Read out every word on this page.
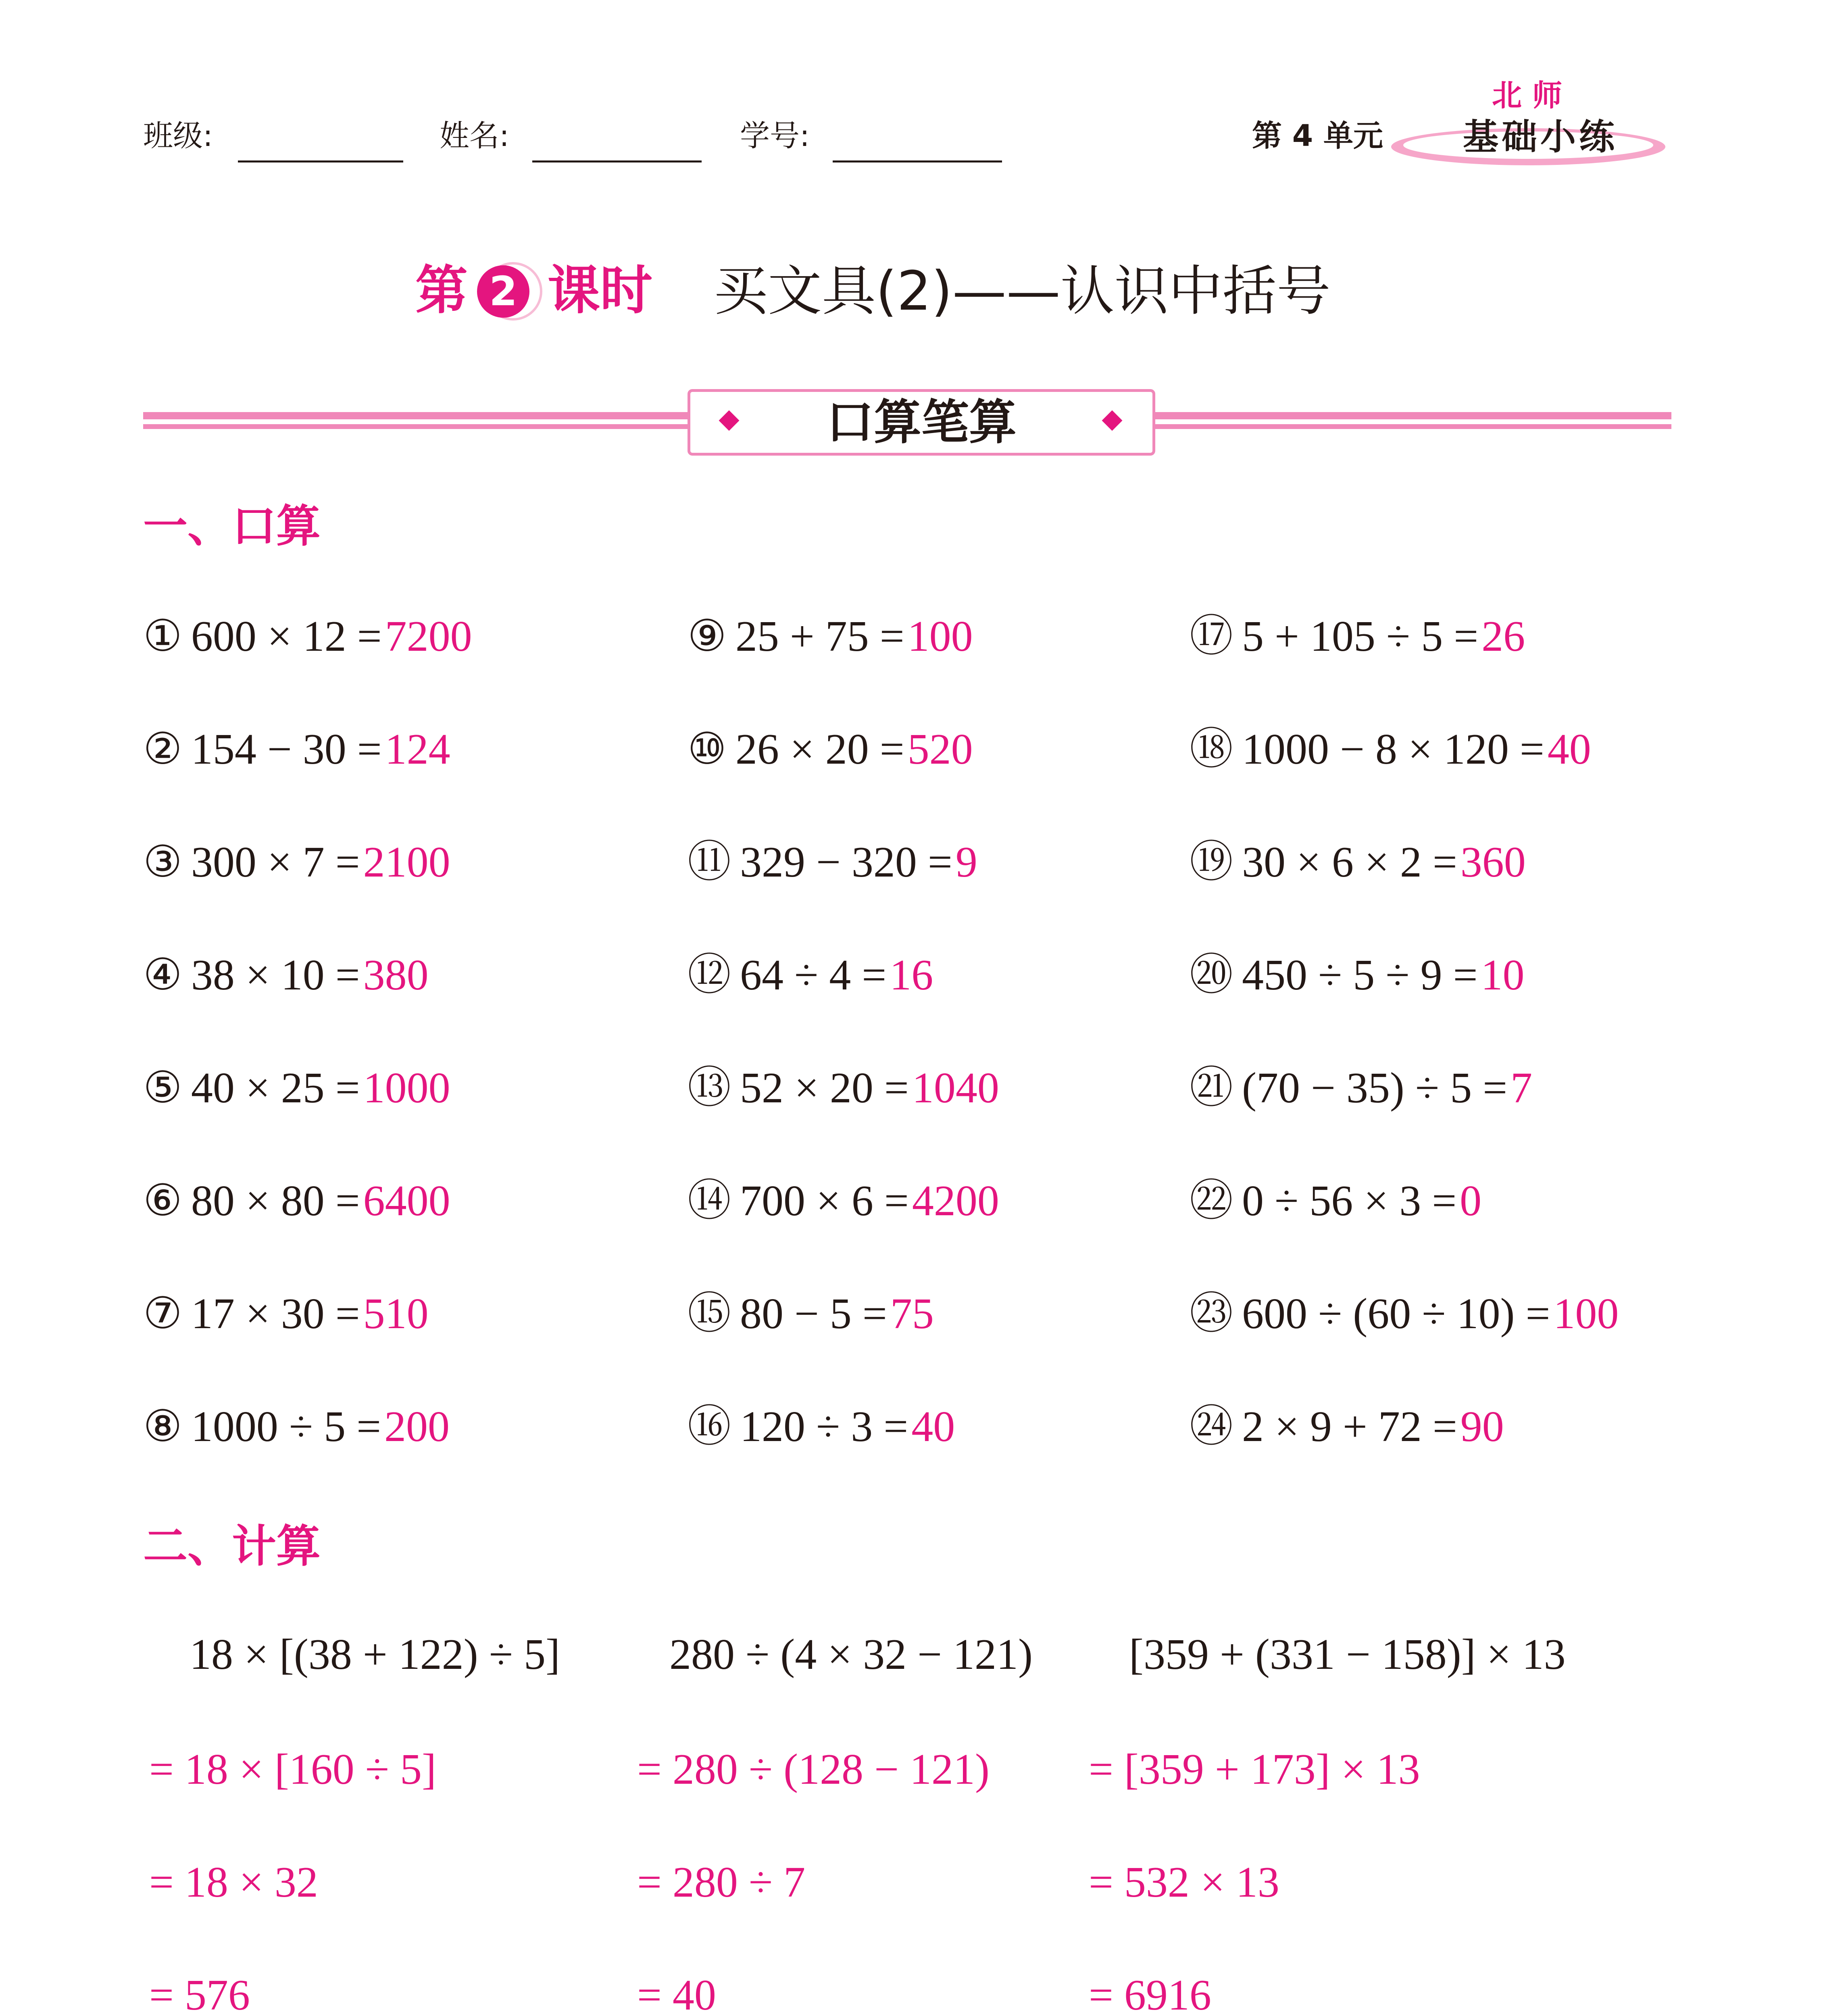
班级:	姓名:	学号:	第 4 单元
北师
基础小练
第 2 课时 买文具(2)——认识中括号
口算笔算
一、口算
① 600 × 12 =7200
② 154 − 30 =124
③ 300 × 7 =2100
④ 38 × 10 =380
⑤ 40 × 25 =1000
⑥ 80 × 80 =6400
⑦ 17 × 30 =510
⑧ 1000 ÷ 5 =200
⑨ 25 + 75 =100
⑩ 26 × 20 =520
⑪ 329 − 320 =9
⑫ 64 ÷ 4 =16
⑬ 52 × 20 =1040
⑭ 700 × 6 =4200
⑮ 80 − 5 =75
⑯ 120 ÷ 3 =40
⑰ 5 + 105 ÷ 5 =26
⑱ 1000 − 8 × 120 =40
⑲ 30 × 6 × 2 =360
⑳ 450 ÷ 5 ÷ 9 =10
㉑ (70 − 35) ÷ 5 =7
㉒ 0 ÷ 56 × 3 =0
㉓ 600 ÷ (60 ÷ 10) =100
㉔ 2 × 9 + 72 =90
二、计算
18 × [(38 + 122) ÷ 5]
= 18 × [160 ÷ 5]
= 18 × 32
= 576
280 ÷ (4 × 32 − 121)
= 280 ÷ (128 − 121)
= 280 ÷ 7
= 40
[359 + (331 − 158)] × 13
= [359 + 173] × 13
= 532 × 13
= 6916
